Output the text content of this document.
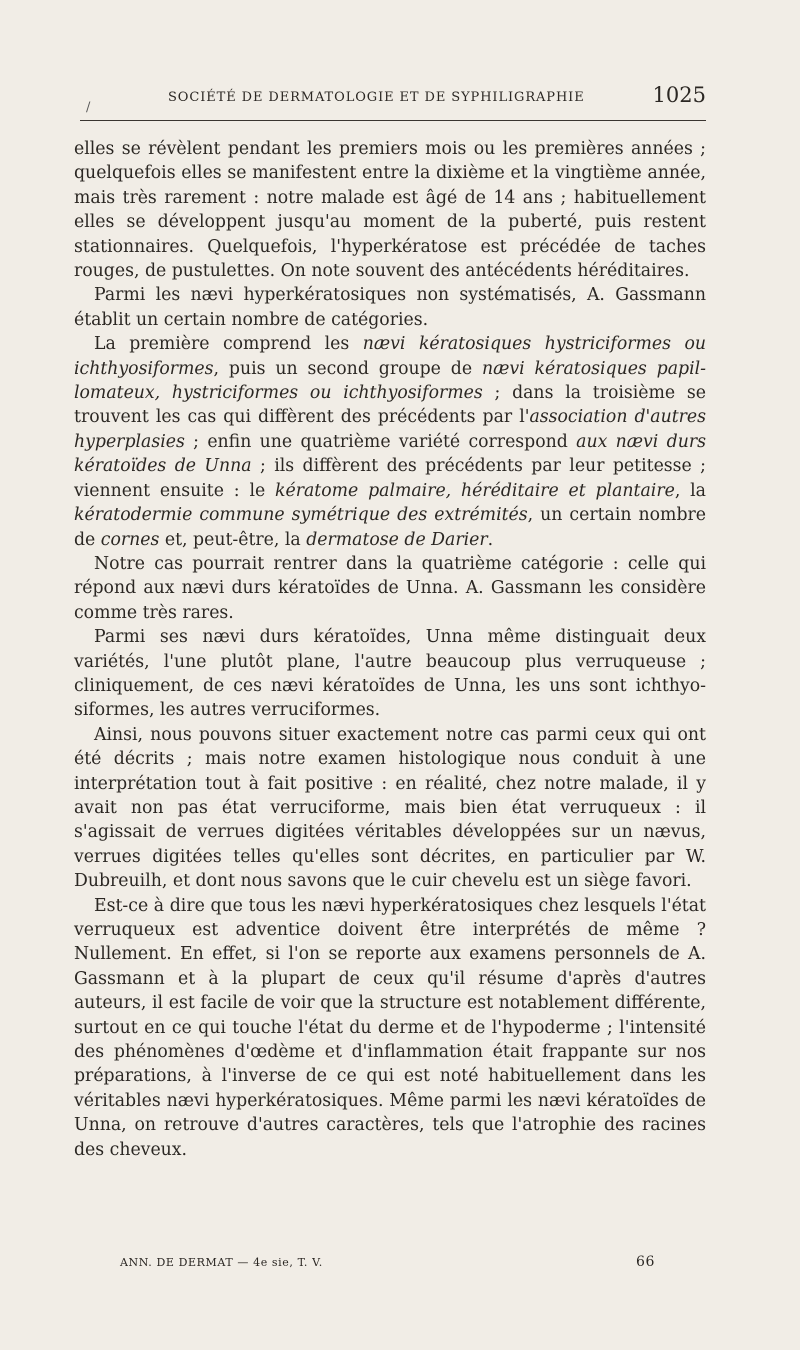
/
SOCIÉTÉ DE DERMATOLOGIE ET DE SYPHILIGRAPHIE	1025

elles se révèlent pendant les premiers mois ou les premières années ; quelquefois elles se manifestent entre la dixième et la vingtième année, mais très rarement : notre malade est âgé de 14 ans ; habituellement elles se développent jusqu'au moment de la puberté, puis restent stationnaires. Quelquefois, l'hyperkératose est précédée de taches rouges, de pustulettes. On note souvent des antécédents héréditaires.

Parmi les nævi hyperkératosiques non systématisés, A. Gassmann établit un certain nombre de catégories.

La première comprend les nævi kératosiques hystriciformes ou ichthyosiformes, puis un second groupe de nævi kératosiques papillomateux, hystriciformes ou ichthyosiformes ; dans la troisième se trouvent les cas qui diffèrent des précédents par l'association d'autres hyperplasies ; enfin une quatrième variété correspond aux nævi durs kératoïdes de Unna ; ils diffèrent des précédents par leur petitesse ; viennent ensuite : le kératome palmaire, héréditaire et plantaire, la kératodermie commune symétrique des extrémités, un certain nombre de cornes et, peut-être, la dermatose de Darier.

Notre cas pourrait rentrer dans la quatrième catégorie : celle qui répond aux nævi durs kératoïdes de Unna. A. Gassmann les considère comme très rares.

Parmi ses nævi durs kératoïdes, Unna même distinguait deux variétés, l'une plutôt plane, l'autre beaucoup plus verruqueuse ; cliniquement, de ces nævi kératoïdes de Unna, les uns sont ichthyosiformes, les autres verruciformes.

Ainsi, nous pouvons situer exactement notre cas parmi ceux qui ont été décrits ; mais notre examen histologique nous conduit à une interprétation tout à fait positive : en réalité, chez notre malade, il y avait non pas état verruciforme, mais bien état verruqueux : il s'agissait de verrues digitées véritables développées sur un nævus, verrues digitées telles qu'elles sont décrites, en particulier par W. Dubreuilh, et dont nous savons que le cuir chevelu est un siège favori.

Est-ce à dire que tous les nævi hyperkératosiques chez lesquels l'état verruqueux est adventice doivent être interprétés de même ? Nullement. En effet, si l'on se reporte aux examens personnels de A. Gassmann et à la plupart de ceux qu'il résume d'après d'autres auteurs, il est facile de voir que la structure est notablement différente, surtout en ce qui touche l'état du derme et de l'hypoderme ; l'intensité des phénomènes d'œdème et d'inflammation était frappante sur nos préparations, à l'inverse de ce qui est noté habituellement dans les véritables nævi hyperkératosiques. Même parmi les nævi kératoïdes de Unna, on retrouve d'autres caractères, tels que l'atrophie des racines des cheveux.

ANN. DE DERMAT — 4e sie, T. V.	66
